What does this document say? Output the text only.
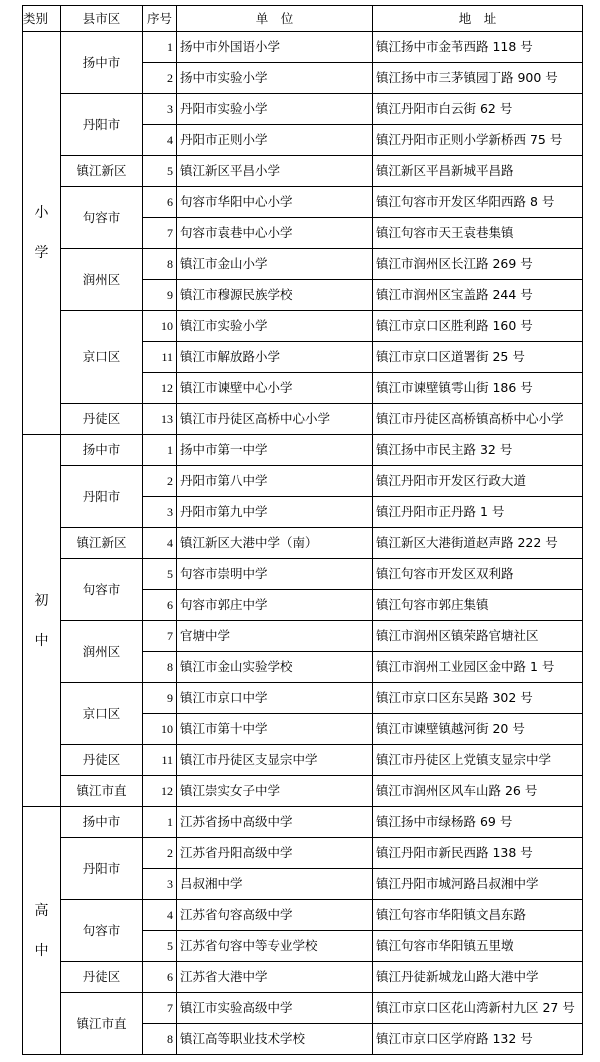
类别	县市区	序号	单　位	地　址

小
学	扬中市	1	扬中市外国语小学	镇江扬中市金苇西路 118 号
		2	扬中市实验小学	镇江扬中市三茅镇园丁路 900 号
	丹阳市	3	丹阳市实验小学	镇江丹阳市白云街 62 号
		4	丹阳市正则小学	镇江丹阳市正则小学新桥西 75 号
	镇江新区	5	镇江新区平昌小学	镇江新区平昌新城平昌路
	句容市	6	句容市华阳中心小学	镇江句容市开发区华阳西路 8 号
		7	句容市袁巷中心小学	镇江句容市天王袁巷集镇
	润州区	8	镇江市金山小学	镇江市润州区长江路 269 号
		9	镇江市穆源民族学校	镇江市润州区宝盖路 244 号
	京口区	10	镇江市实验小学	镇江市京口区胜利路 160 号
		11	镇江市解放路小学	镇江市京口区道署街 25 号
		12	镇江市谏壁中心小学	镇江市谏壁镇雩山街 186 号
	丹徒区	13	镇江市丹徒区高桥中心小学	镇江市丹徒区高桥镇高桥中心小学

初
中	扬中市	1	扬中市第一中学	镇江扬中市民主路 32 号
	丹阳市	2	丹阳市第八中学	镇江丹阳市开发区行政大道
		3	丹阳市第九中学	镇江丹阳市正丹路 1 号
	镇江新区	4	镇江新区大港中学（南）	镇江新区大港街道赵声路 222 号
	句容市	5	句容市崇明中学	镇江句容市开发区双利路
		6	句容市郭庄中学	镇江句容市郭庄集镇
	润州区	7	官塘中学	镇江市润州区镇荣路官塘社区
		8	镇江市金山实验学校	镇江市润州工业园区金中路 1 号
	京口区	9	镇江市京口中学	镇江市京口区东吴路 302 号
		10	镇江市第十中学	镇江市谏壁镇越河街 20 号
	丹徒区	11	镇江市丹徒区支显宗中学	镇江市丹徒区上党镇支显宗中学
	镇江市直	12	镇江崇实女子中学	镇江市润州区风车山路 26 号

高
中	扬中市	1	江苏省扬中高级中学	镇江扬中市绿杨路 69 号
	丹阳市	2	江苏省丹阳高级中学	镇江丹阳市新民西路 138 号
		3	吕叔湘中学	镇江丹阳市城河路吕叔湘中学
	句容市	4	江苏省句容高级中学	镇江句容市华阳镇文昌东路
		5	江苏省句容中等专业学校	镇江句容市华阳镇五里墩
	丹徒区	6	江苏省大港中学	镇江丹徒新城龙山路大港中学
	镇江市直	7	镇江市实验高级中学	镇江市京口区花山湾新村九区 27 号
		8	镇江高等职业技术学校	镇江市京口区学府路 132 号
